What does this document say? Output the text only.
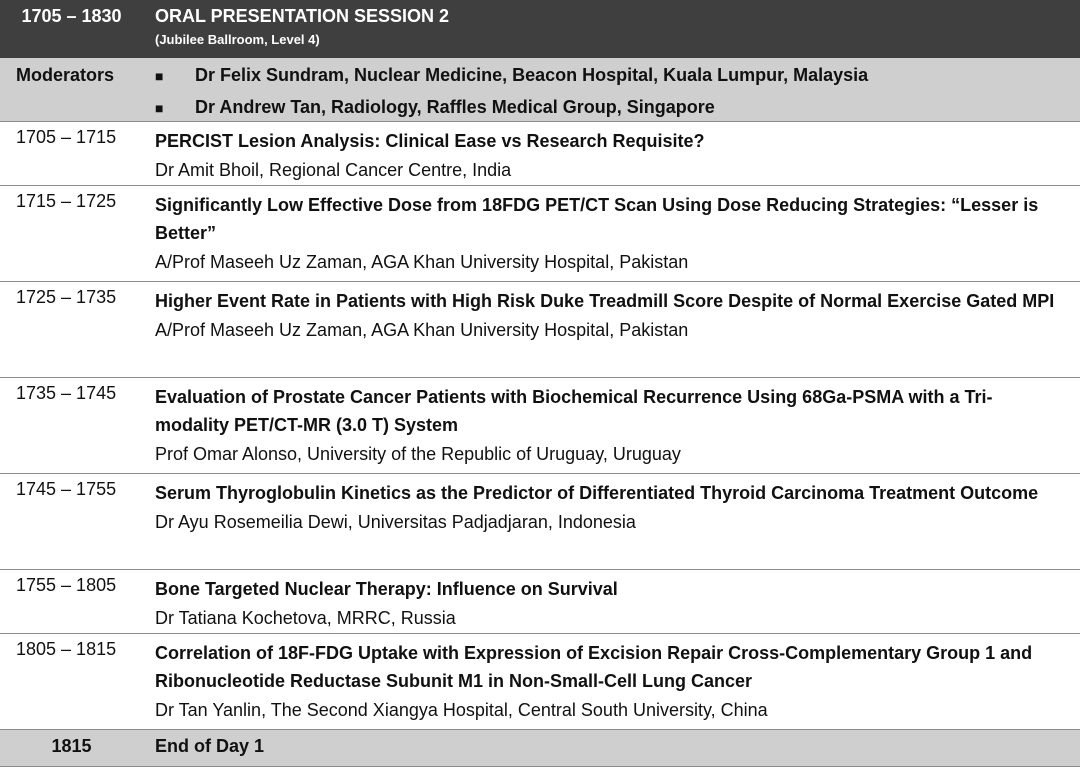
1705 – 1830	ORAL PRESENTATION SESSION 2
(Jubilee Ballroom, Level 4)
Moderators	■	Dr Felix Sundram, Nuclear Medicine, Beacon Hospital, Kuala Lumpur, Malaysia
■	Dr Andrew Tan, Radiology, Raffles Medical Group, Singapore
1705 – 1715	PERCIST Lesion Analysis: Clinical Ease vs Research Requisite?
Dr Amit Bhoil, Regional Cancer Centre, India
1715 – 1725	Significantly Low Effective Dose from 18FDG PET/CT Scan Using Dose Reducing Strategies: “Lesser is Better”
A/Prof Maseeh Uz Zaman, AGA Khan University Hospital, Pakistan
1725 – 1735	Higher Event Rate in Patients with High Risk Duke Treadmill Score Despite of Normal Exercise Gated MPI
A/Prof Maseeh Uz Zaman, AGA Khan University Hospital, Pakistan
1735 – 1745	Evaluation of Prostate Cancer Patients with Biochemical Recurrence Using 68Ga-PSMA with a Tri-modality PET/CT-MR (3.0 T) System
Prof Omar Alonso, University of the Republic of Uruguay, Uruguay
1745 – 1755	Serum Thyroglobulin Kinetics as the Predictor of Differentiated Thyroid Carcinoma Treatment Outcome
Dr Ayu Rosemeilia Dewi, Universitas Padjadjaran, Indonesia
1755 – 1805	Bone Targeted Nuclear Therapy: Influence on Survival
Dr Tatiana Kochetova, MRRC, Russia
1805 – 1815	Correlation of 18F-FDG Uptake with Expression of Excision Repair Cross-Complementary Group 1 and Ribonucleotide Reductase Subunit M1 in Non-Small-Cell Lung Cancer
Dr Tan Yanlin, The Second Xiangya Hospital, Central South University, China
1815	End of Day 1
